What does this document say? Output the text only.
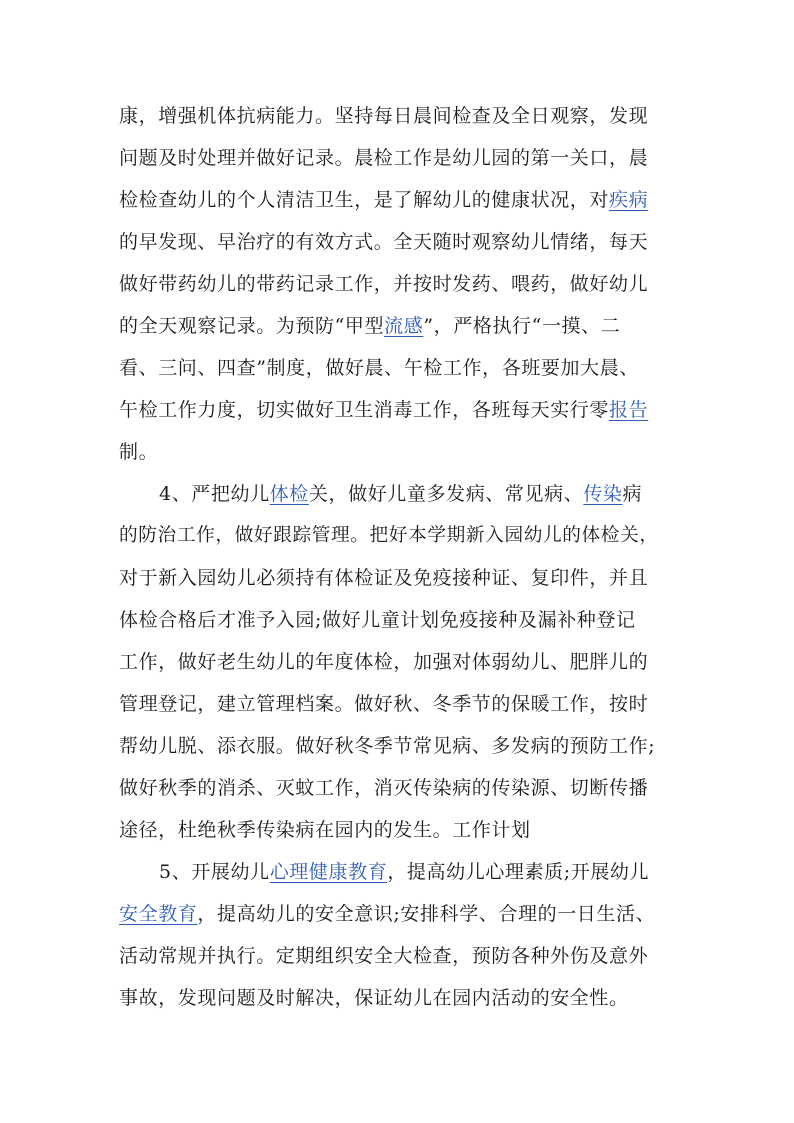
康，增强机体抗病能力。坚持每日晨间检查及全日观察，发现
问题及时处理并做好记录。晨检工作是幼儿园的第一关口，晨
检检查幼儿的个人清洁卫生，是了解幼儿的健康状况，对疾病
的早发现、早治疗的有效方式。全天随时观察幼儿情绪，每天
做好带药幼儿的带药记录工作，并按时发药、喂药，做好幼儿
的全天观察记录。为预防“甲型流感”，严格执行“一摸、二
看、三问、四查”制度，做好晨、午检工作，各班要加大晨、
午检工作力度，切实做好卫生消毒工作，各班每天实行零报告
制。
4、严把幼儿体检关，做好儿童多发病、常见病、传染病
的防治工作，做好跟踪管理。把好本学期新入园幼儿的体检关，
对于新入园幼儿必须持有体检证及免疫接种证、复印件，并且
体检合格后才准予入园;做好儿童计划免疫接种及漏补种登记
工作，做好老生幼儿的年度体检，加强对体弱幼儿、肥胖儿的
管理登记，建立管理档案。做好秋、冬季节的保暖工作，按时
帮幼儿脱、添衣服。做好秋冬季节常见病、多发病的预防工作;
做好秋季的消杀、灭蚊工作，消灭传染病的传染源、切断传播
途径，杜绝秋季传染病在园内的发生。工作计划
5、开展幼儿心理健康教育，提高幼儿心理素质;开展幼儿
安全教育，提高幼儿的安全意识;安排科学、合理的一日生活、
活动常规并执行。定期组织安全大检查，预防各种外伤及意外
事故，发现问题及时解决，保证幼儿在园内活动的安全性。
